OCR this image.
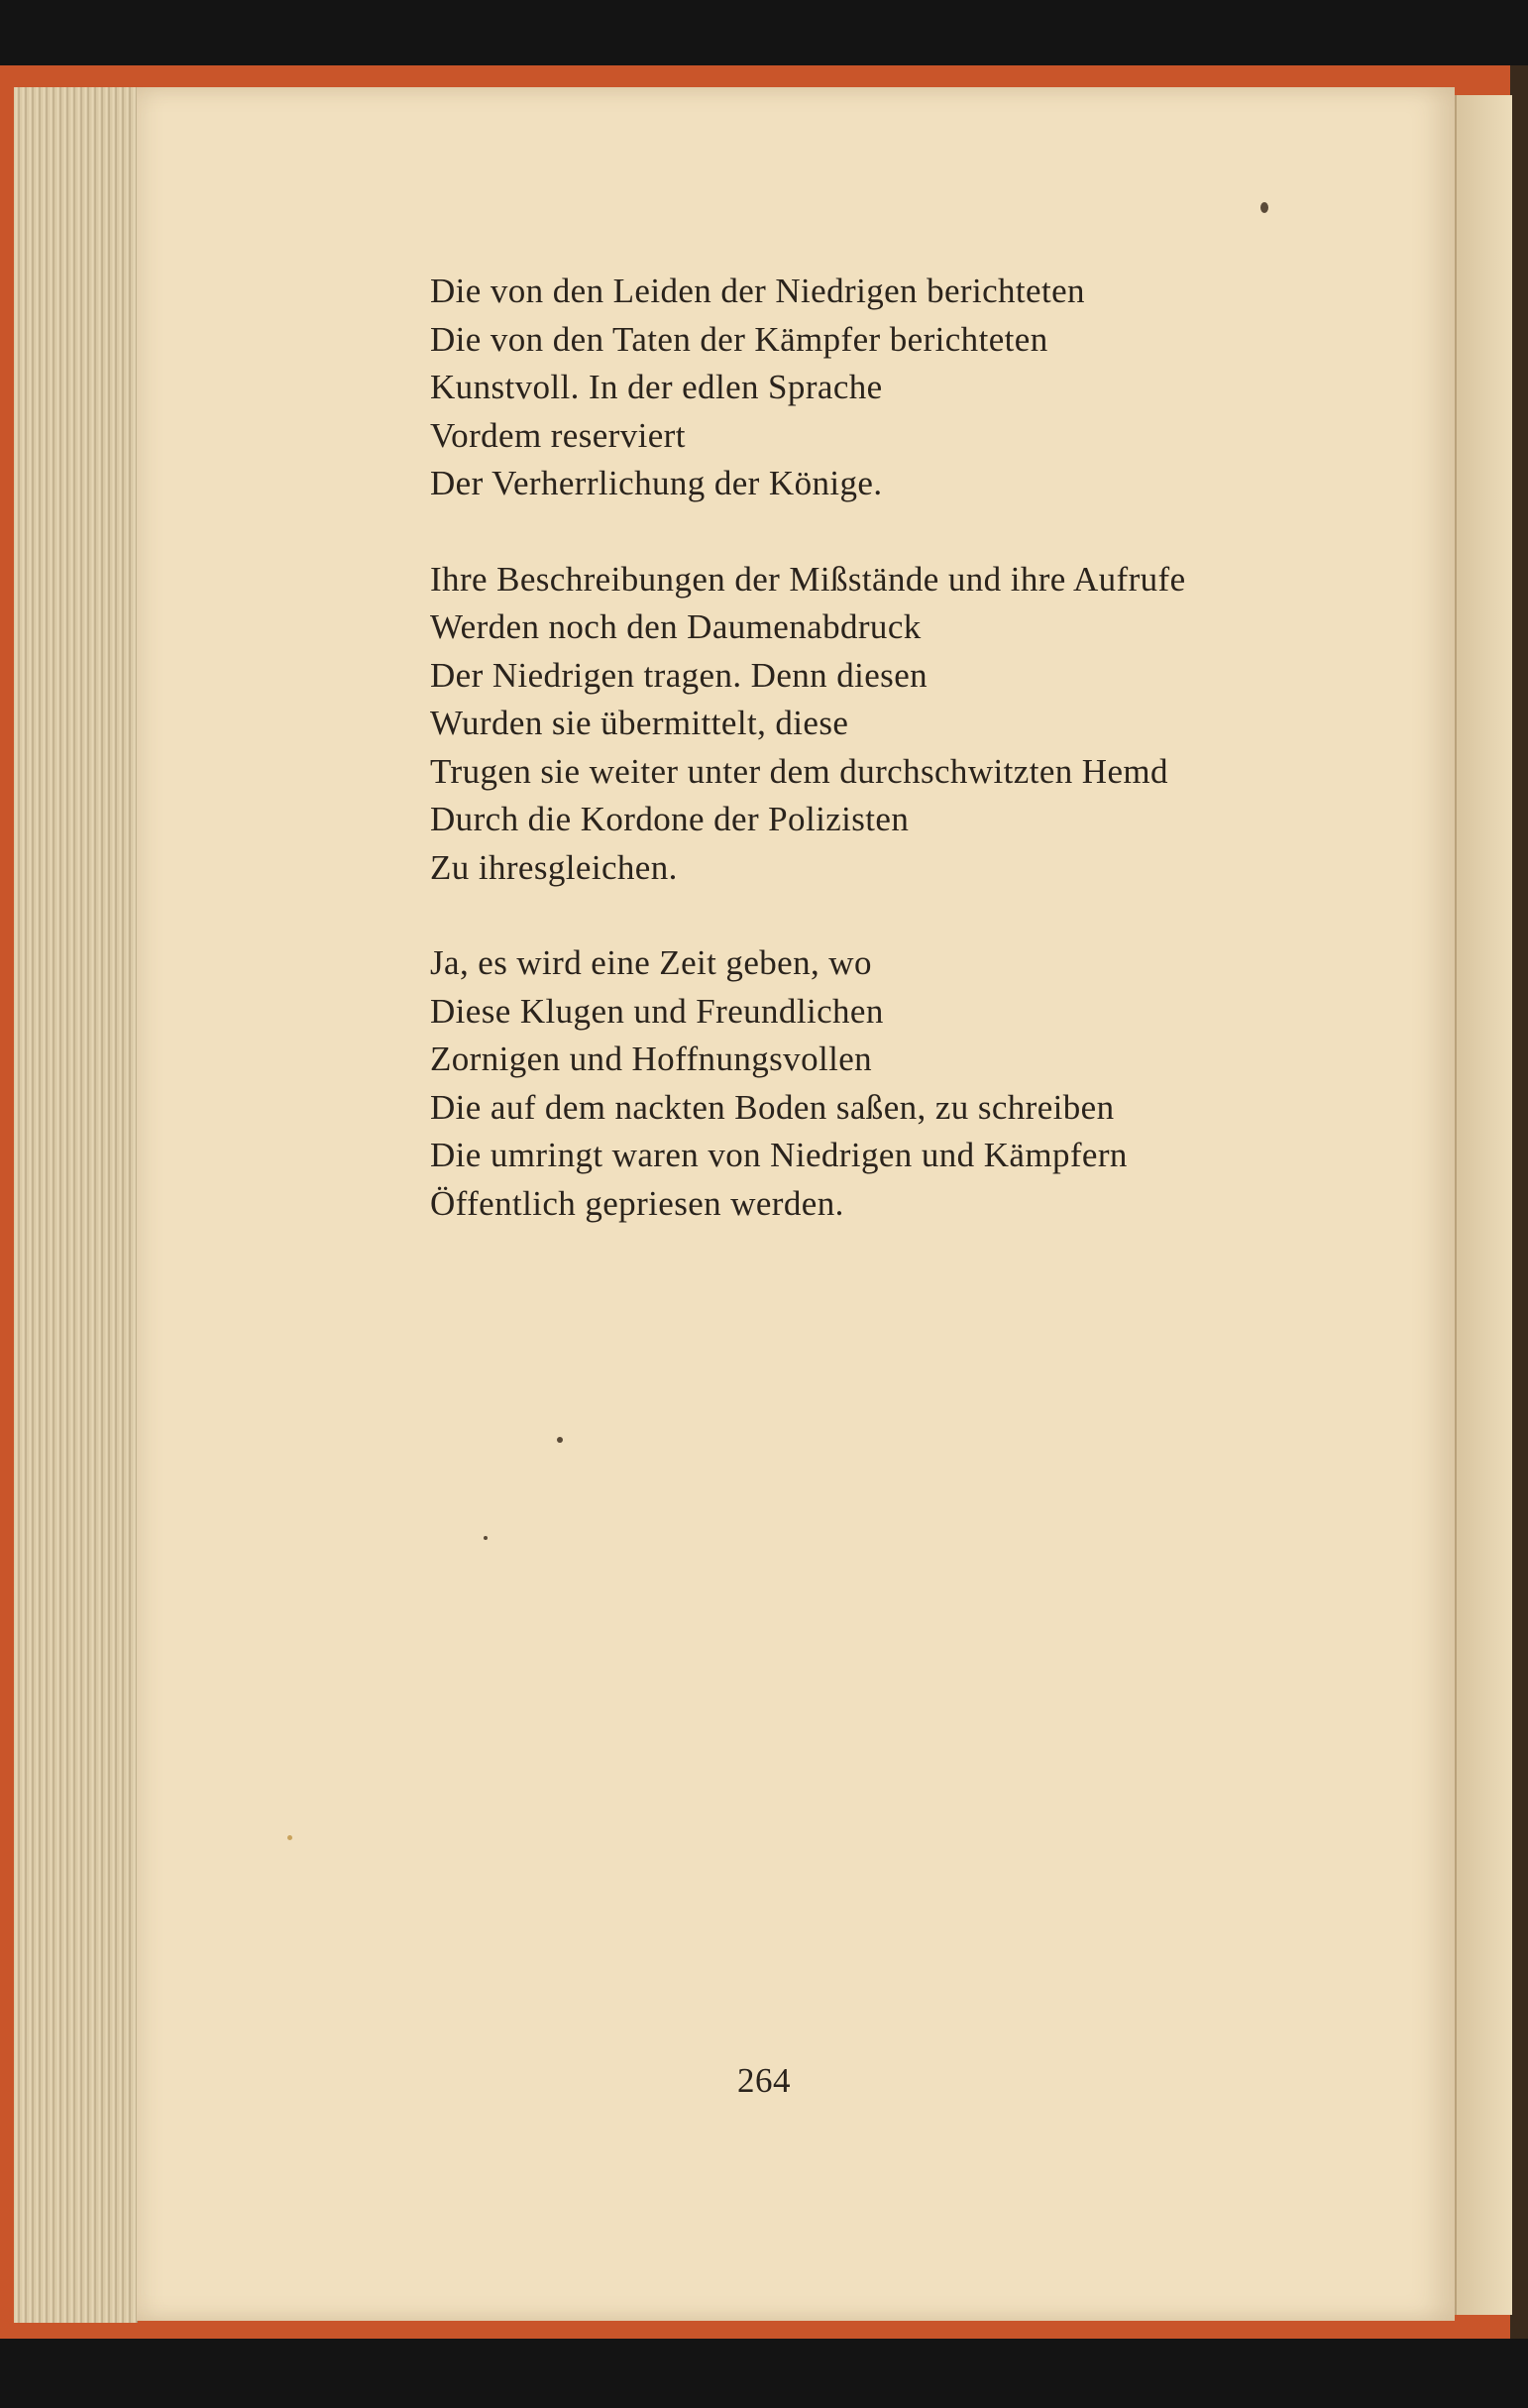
Die von den Leiden der Niedrigen berichteten
Die von den Taten der Kämpfer berichteten
Kunstvoll. In der edlen Sprache
Vordem reserviert
Der Verherrlichung der Könige.
Ihre Beschreibungen der Mißstände und ihre Aufrufe
Werden noch den Daumenabdruck
Der Niedrigen tragen. Denn diesen
Wurden sie übermittelt, diese
Trugen sie weiter unter dem durchschwitzten Hemd
Durch die Kordone der Polizisten
Zu ihresgleichen.
Ja, es wird eine Zeit geben, wo
Diese Klugen und Freundlichen
Zornigen und Hoffnungsvollen
Die auf dem nackten Boden saßen, zu schreiben
Die umringt waren von Niedrigen und Kämpfern
Öffentlich gepriesen werden.
264
